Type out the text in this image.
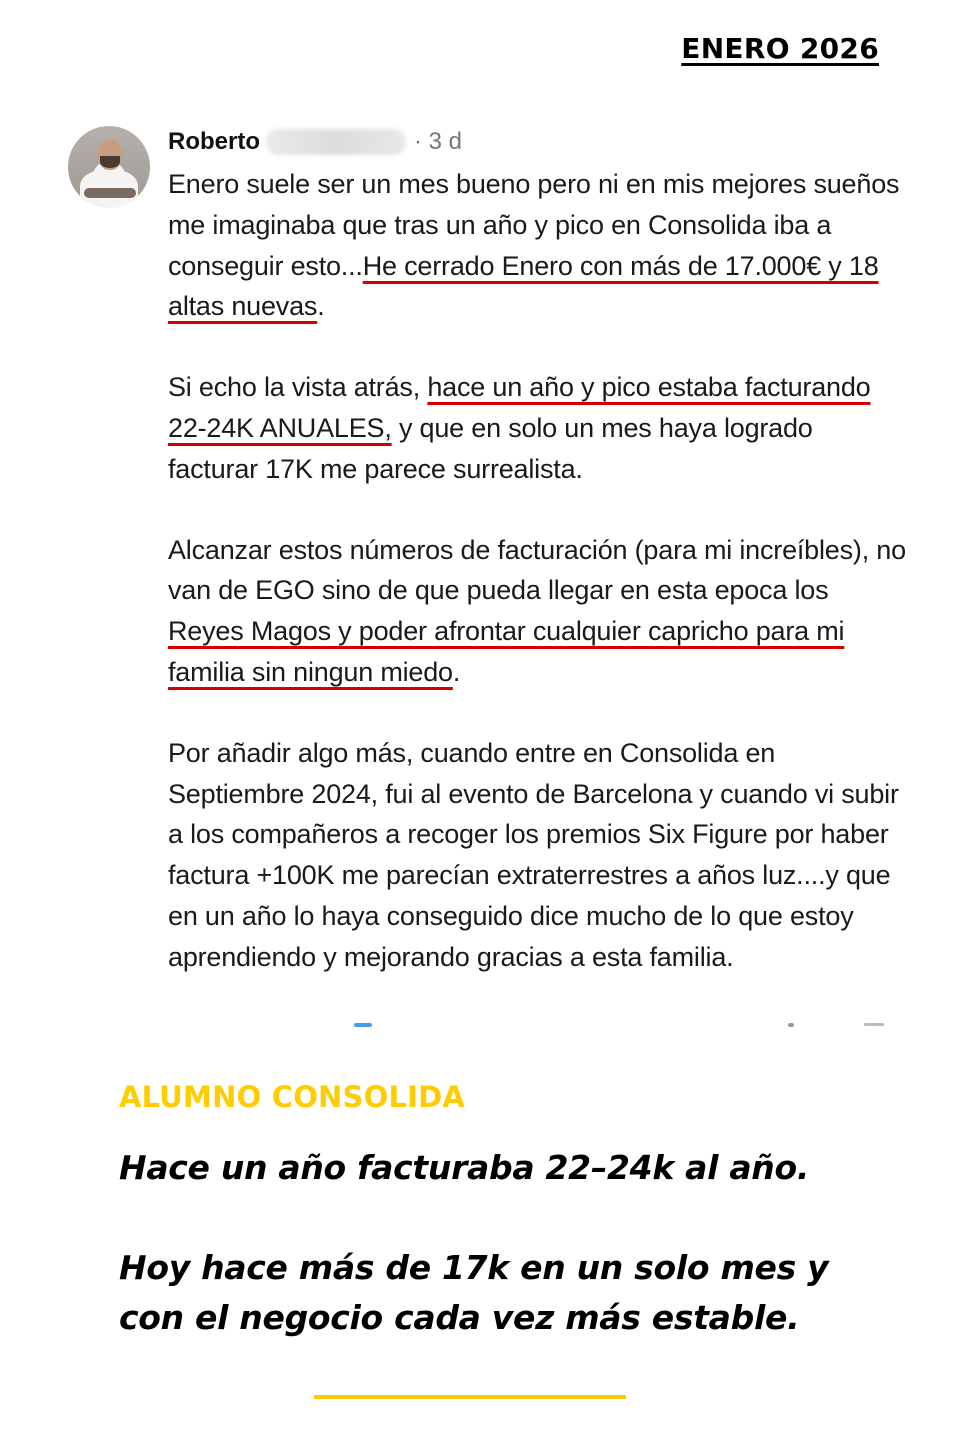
ENERO 2026
Roberto	· 3 d

Enero suele ser un mes bueno pero ni en mis mejores sueños me imaginaba que tras un año y pico en Consolida iba a conseguir esto...He cerrado Enero con más de 17.000€ y 18 altas nuevas.

Si echo la vista atrás, hace un año y pico estaba facturando 22-24K ANUALES, y que en solo un mes haya logrado facturar 17K me parece surrealista.

Alcanzar estos números de facturación (para mi increíbles), no van de EGO sino de que pueda llegar en esta epoca los Reyes Magos y poder afrontar cualquier capricho para mi familia sin ningun miedo.

Por añadir algo más, cuando entre en Consolida en Septiembre 2024, fui al evento de Barcelona y cuando vi subir a los compañeros a recoger los premios Six Figure por haber factura +100K me parecían extraterrestres a años luz....y que en un año lo haya conseguido dice mucho de lo que estoy aprendiendo y mejorando gracias a esta familia.

ALUMNO CONSOLIDA
Hace un año facturaba 22–24k al año.
Hoy hace más de 17k en un solo mes y con el negocio cada vez más estable.
